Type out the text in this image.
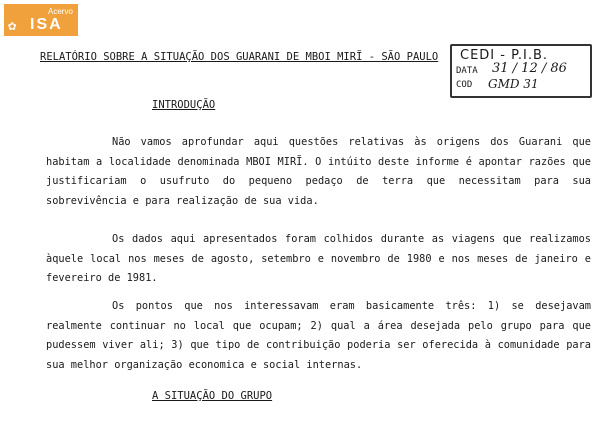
Acervo
✿ ISA
CEDI - P.I.B.
DATA 31 / 12 / 86
COD GMD 31
RELATÓRIO SOBRE A SITUAÇÃO DOS GUARANI DE MBOI MIRĨ - SÃO PAULO
INTRODUÇÃO
Não vamos aprofundar aqui questões relativas às origens dos Guarani que habitam a localidade denominada MBOI MIRĨ. O intúito deste informe é apontar razões que justificariam o usufruto do pequeno pedaço de terra que necessitam para sua sobrevivência e para realização de sua vida.
Os dados aqui apresentados foram colhidos durante as viagens que realizamos àquele local nos meses de agosto, setembro e novembro de 1980 e nos meses de janeiro e fevereiro de 1981.
Os pontos que nos interessavam eram basicamente três: 1) se desejavam realmente continuar no local que ocupam; 2) qual a área desejada pelo grupo para que pudessem viver ali; 3) que tipo de contribuição poderia ser oferecida à comunidade para sua melhor organização economica e social internas.
A SITUAÇÃO DO GRUPO
